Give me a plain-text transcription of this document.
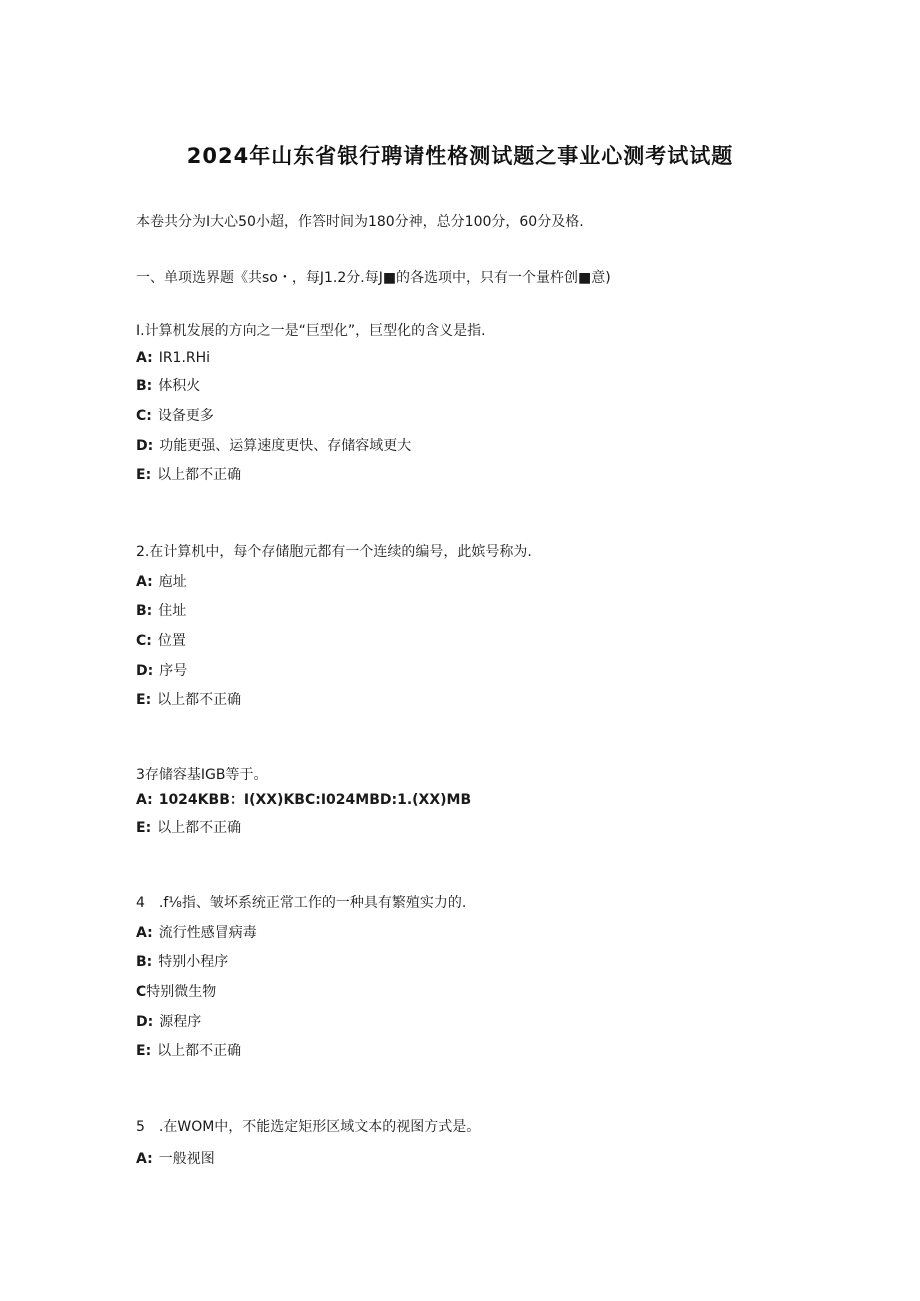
2024年山东省银行聘请性格测试题之事业心测考试试题
本卷共分为I大心50小超，作答时间为180分神，总分100分，60分及格.
一、单项选界题《共so・，每J1.2分.每J■的各选项中，只有一个量杵创■意)
I.计算机发展的方向之一是“巨型化”，巨型化的含义是指.
A: IR1.RHi
B: 体积火
C: 设备更多
D: 功能更强、运算速度更快、存储容域更大
E: 以上都不正确
2.在计算机中，每个存储胞元都有一个连续的编号，此嫔号称为.
A: 庖址
B: 住址
C: 位置
D: 序号
E: 以上都不正确
3存储容基IGB等于。
A: 1024KBB：I(XX)KBC:I024MBD:1.(XX)MB
E: 以上都不正确
4　.f⅛指、皱坏系统正常工作的一种具有繁殖实力的.
A: 流行性感冒病毒
B: 特别小程序
C特别微生物
D: 源程序
E: 以上都不正确
5　.在WOM中，不能选定矩形区域文本的视图方式是。
A: 一般视图
